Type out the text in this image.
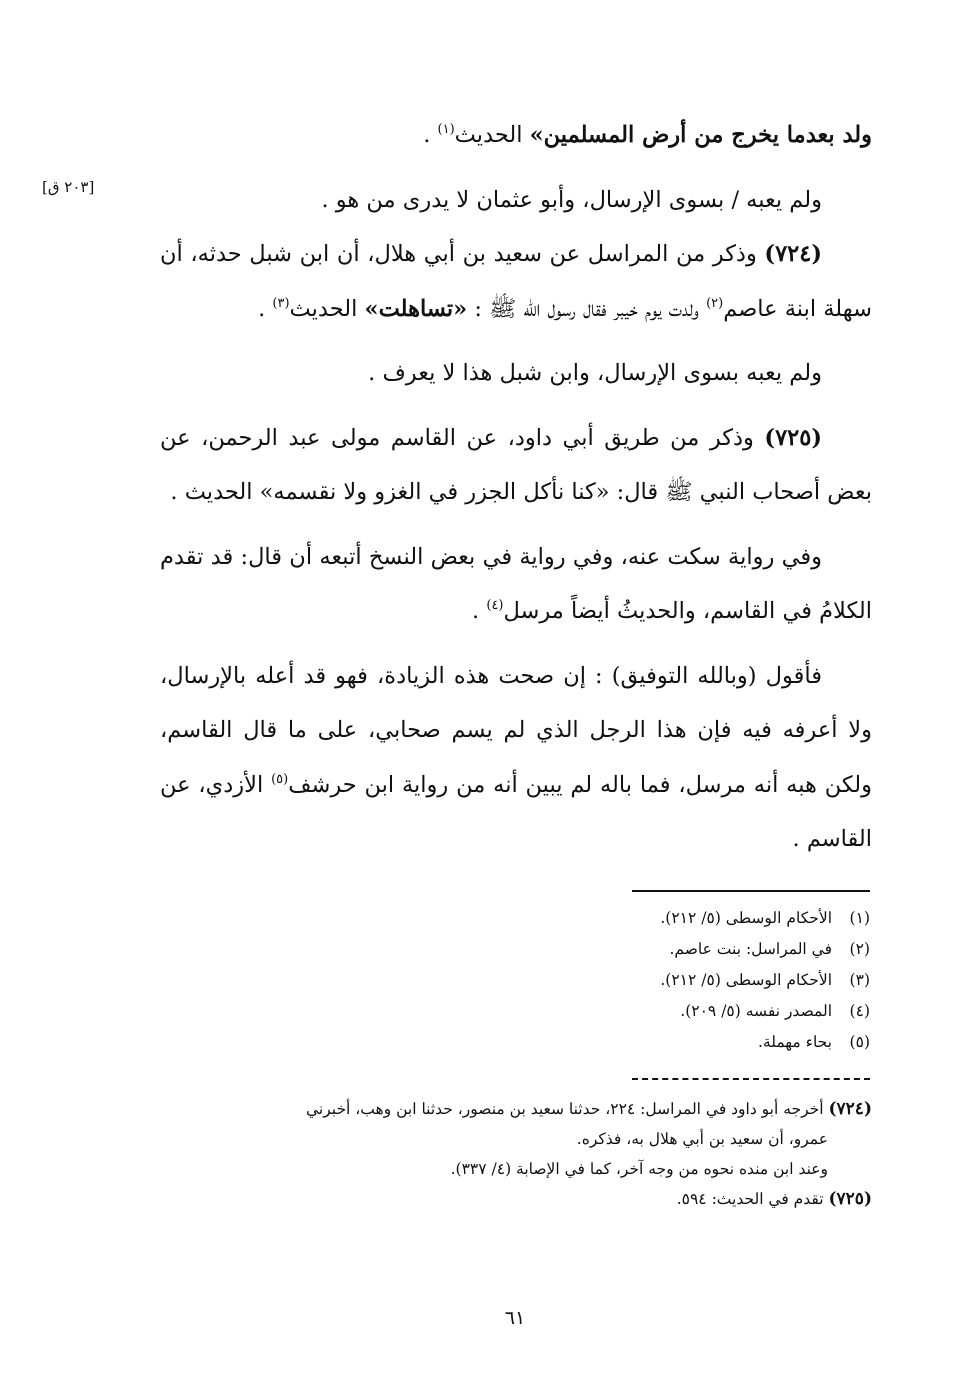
[٢٠٣ ق]

ولد بعدما يخرج من أرض المسلمين» الحديث$^{(١)}$ .

ولم يعبه / بسوى الإرسال، وأبو عثمان لا يدرى من هو .

(٧٢٤) وذكر من المراسل عن سعيد بن أبي هلال، أن ابن شبل حدثه، أن سهلة ابنة عاصم$^{(٢)}$ ولدت يوم خيبر فقال رسول الله ﷺ : «تساهلت» الحديث$^{(٣)}$ .

ولم يعبه بسوى الإرسال، وابن شبل هذا لا يعرف .

(٧٢٥) وذكر من طريق أبي داود، عن القاسم مولى عبد الرحمن، عن بعض أصحاب النبي ﷺ قال: «كنا نأكل الجزر في الغزو ولا نقسمه» الحديث .

وفي رواية سكت عنه، وفي رواية في بعض النسخ أتبعه أن قال: قد تقدم الكلامُ في القاسم، والحديثُ أيضاً مرسل$^{(٤)}$ .

فأقول (وبالله التوفيق) : إن صحت هذه الزيادة، فهو قد أعله بالإرسال، ولا أعرفه فيه فإن هذا الرجل الذي لم يسم صحابي، على ما قال القاسم، ولكن هبه أنه مرسل، فما باله لم يبين أنه من رواية ابن حرشف$^{(٥)}$ الأزدي، عن القاسم .

(١)الأحكام الوسطى (٥/ ٢١٢).
(٢)في المراسل: بنت عاصم.
(٣)الأحكام الوسطى (٥/ ٢١٢).
(٤)المصدر نفسه (٥/ ٢٠٩).
(٥)بحاء مهملة.

(٧٢٤) أخرجه أبو داود في المراسل: ٢٢٤، حدثنا سعيد بن منصور، حدثنا ابن وهب، أخبرني

عمرو، أن سعيد بن أبي هلال به، فذكره.

وعند ابن منده نحوه من وجه آخر، كما في الإصابة (٤/ ٣٣٧).

(٧٢٥) تقدم في الحديث: ٥٩٤.

٦١
